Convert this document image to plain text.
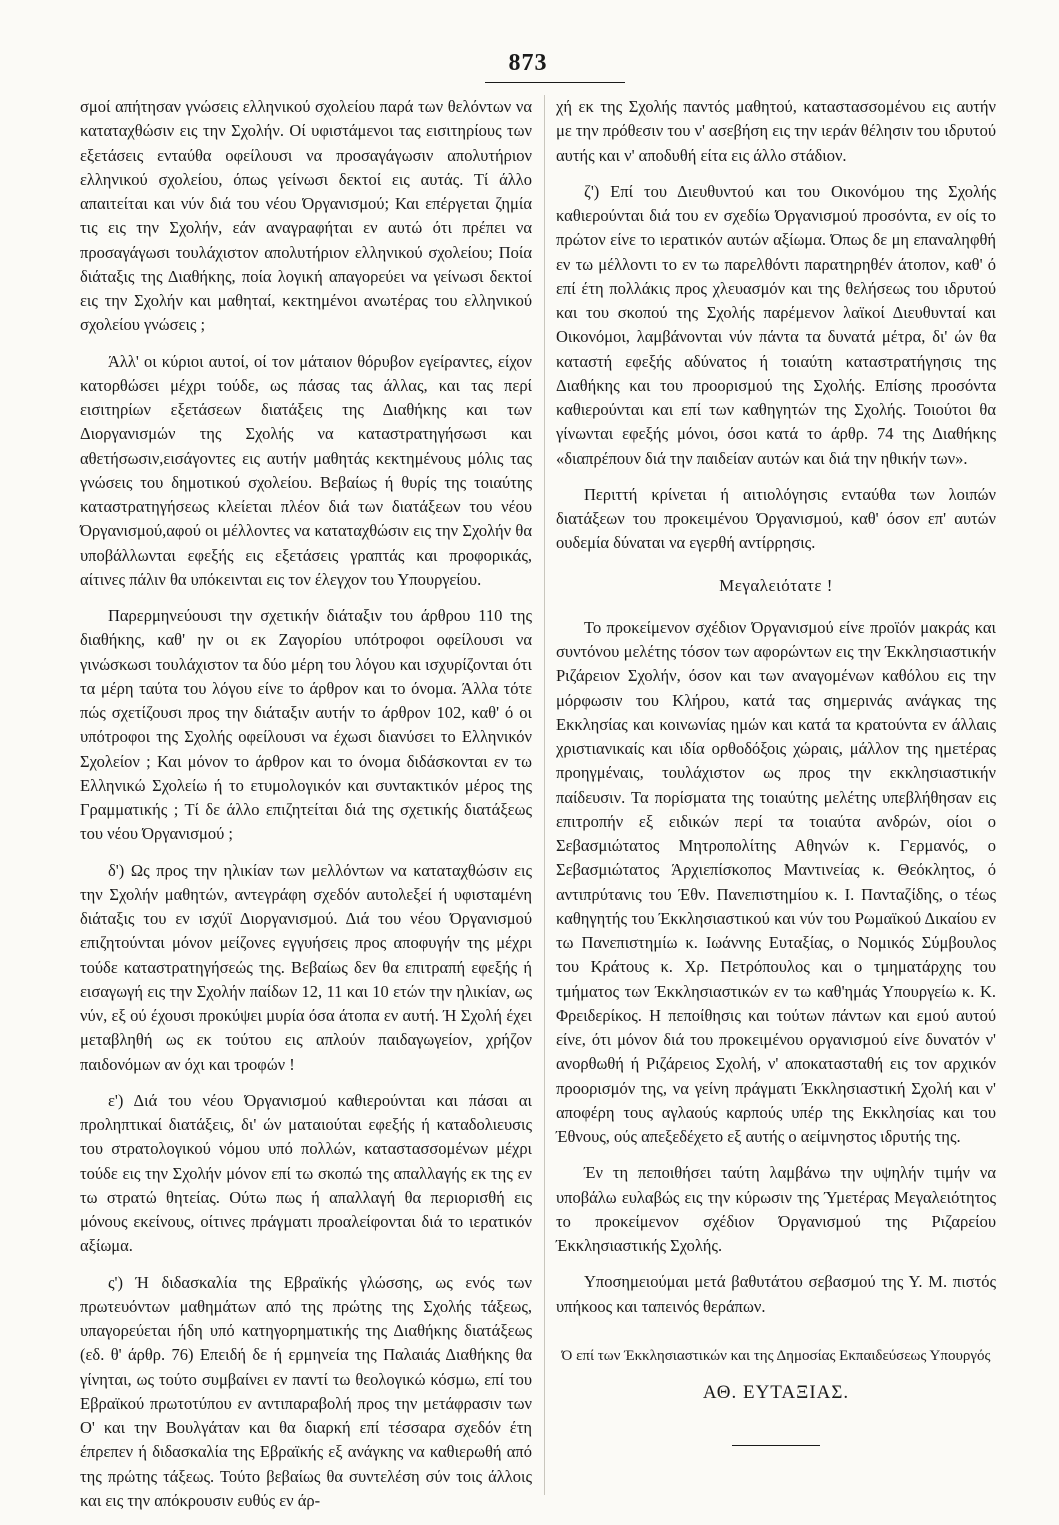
873

σμοί απήτησαν γνώσεις ελληνικού σχολείου παρά των θελόντων να καταταχθώσιν εις την Σχολήν. Οί υφιστάμενοι τας εισιτηρίους των εξετάσεις ενταύθα οφείλουσι να προσαγάγωσιν απολυτήριον ελληνικού σχολείου, όπως γείνωσι δεκτοί εις αυτάς. Τί άλλο απαιτείται και νύν διά του νέου Όργανισμού; Και επέργεται ζημία τις εις την Σχολήν, εάν αναγραφήται εν αυτώ ότι πρέπει να προσαγάγωσι τουλάχιστον απολυτήριον ελληνικού σχολείου; Ποία διάταξις της Διαθήκης, ποία λογική απαγορεύει να γείνωσι δεκτοί εις την Σχολήν και μαθηταί, κεκτημένοι ανωτέρας του ελληνικού σχολείου γνώσεις ;

Άλλ' οι κύριοι αυτοί, οί τον μάταιον θόρυβον εγείραντες, είχον κατορθώσει μέχρι τούδε, ως πάσας τας άλλας, και τας περί εισιτηρίων εξετάσεων διατάξεις της Διαθήκης και των Διοργανισμών της Σχολής να καταστρατηγήσωσι και αθετήσωσιν,εισάγοντες εις αυτήν μαθητάς κεκτημένους μόλις τας γνώσεις του δημοτικού σχολείου. Βεβαίως ή θυρίς της τοιαύτης καταστρατηγήσεως κλείεται πλέον διά των διατάξεων του νέου Όργανισμού,αφού οι μέλλοντες να καταταχθώσιν εις την Σχολήν θα υποβάλλωνται εφεξής εις εξετάσεις γραπτάς και προφορικάς, αίτινες πάλιν θα υπόκεινται εις τον έλεγχον του Υπουργείου.

Παρερμηνεύουσι την σχετικήν διάταξιν του άρθρου 110 της διαθήκης, καθ' ην οι εκ Ζαγορίου υπότροφοι οφείλουσι να γινώσκωσι τουλάχιστον τα δύο μέρη του λόγου και ισχυρίζονται ότι τα μέρη ταύτα του λόγου είνε το άρθρον και το όνομα. Άλλα τότε πώς σχετίζουσι προς την διάταξιν αυτήν το άρθρον 102, καθ' ό οι υπότροφοι της Σχολής οφείλουσι να έχωσι διανύσει το Ελληνικόν Σχολείον ; Και μόνον το άρθρον και το όνομα διδάσκονται εν τω Ελληνικώ Σχολείω ή το ετυμολογικόν και συντακτικόν μέρος της Γραμματικής ; Τί δε άλλο επιζητείται διά της σχετικής διατάξεως του νέου Όργανισμού ;

δ') Ως προς την ηλικίαν των μελλόντων να καταταχθώσιν εις την Σχολήν μαθητών, αντεγράφη σχεδόν αυτολεξεί ή υφισταμένη διάταξις του εν ισχύϊ Διοργανισμού. Διά του νέου Όργανισμού επιζητούνται μόνον μείζονες εγγυήσεις προς αποφυγήν της μέχρι τούδε καταστρατηγήσεώς της. Βεβαίως δεν θα επιτραπή εφεξής ή εισαγωγή εις την Σχολήν παίδων 12, 11 και 10 ετών την ηλικίαν, ως νύν, εξ ού έχουσι προκύψει μυρία όσα άτοπα εν αυτή. Ή Σχολή έχει μεταβληθή ως εκ τούτου εις απλούν παιδαγωγείον, χρήζον παιδονόμων αν όχι και τροφών !

ε') Διά του νέου Όργανισμού καθιερούνται και πάσαι αι προληπτικαί διατάξεις, δι' ών ματαιούται εφεξής ή καταδολιευσις του στρατολογικού νόμου υπό πολλών, καταστασσομένων μέχρι τούδε εις την Σχολήν μόνον επί τω σκοπώ της απαλλαγής εκ της εν τω στρατώ θητείας. Ούτω πως ή απαλλαγή θα περιορισθή εις μόνους εκείνους, οίτινες πράγματι προαλείφονται διά το ιερατικόν αξίωμα.

ς') Ή διδασκαλία της Εβραϊκής γλώσσης, ως ενός των πρωτευόντων μαθημάτων από της πρώτης της Σχολής τάξεως, υπαγορεύεται ήδη υπό κατηγορηματικής της Διαθήκης διατάξεως (εδ. θ' άρθρ. 76) Επειδή δε ή ερμηνεία της Παλαιάς Διαθήκης θα γίνηται, ως τούτο συμβαίνει εν παντί τω θεολογικώ κόσμω, επί του Εβραϊκού πρωτοτύπου εν αντιπαραβολή προς την μετάφρασιν των Ο' και την Βουλγάταν και θα διαρκή επί τέσσαρα σχεδόν έτη έπρεπεν ή διδασκαλία της Εβραϊκής εξ ανάγκης να καθιερωθή από της πρώτης τάξεως. Τούτο βεβαίως θα συντελέση σύν τοις άλλοις και εις την απόκρουσιν ευθύς εν άρ-

χή εκ της Σχολής παντός μαθητού, καταστασσομένου εις αυτήν με την πρόθεσιν του ν' ασεβήση εις την ιεράν θέλησιν του ιδρυτού αυτής και ν' αποδυθή είτα εις άλλο στάδιον.

ζ') Επί του Διευθυντού και του Οικονόμου της Σχολής καθιερούνται διά του εν σχεδίω Όργανισμού προσόντα, εν οίς το πρώτον είνε το ιερατικόν αυτών αξίωμα. Όπως δε μη επαναληφθή εν τω μέλλοντι το εν τω παρελθόντι παρατηρηθέν άτοπον, καθ' ό επί έτη πολλάκις προς χλευασμόν και της θελήσεως του ιδρυτού και του σκοπού της Σχολής παρέμενον λαϊκοί Διευθυνταί και Οικονόμοι, λαμβάνονται νύν πάντα τα δυνατά μέτρα, δι' ών θα καταστή εφεξής αδύνατος ή τοιαύτη καταστρατήγησις της Διαθήκης και του προορισμού της Σχολής. Επίσης προσόντα καθιερούνται και επί των καθηγητών της Σχολής. Τοιούτοι θα γίνωνται εφεξής μόνοι, όσοι κατά το άρθρ. 74 της Διαθήκης «διαπρέπουν διά την παιδείαν αυτών και διά την ηθικήν των».

Περιττή κρίνεται ή αιτιολόγησις ενταύθα των λοιπών διατάξεων του προκειμένου Όργανισμού, καθ' όσον επ' αυτών ουδεμία δύναται να εγερθή αντίρρησις.

Μεγαλειότατε !

Το προκείμενον σχέδιον Όργανισμού είνε προϊόν μακράς και συντόνου μελέτης τόσον των αφορώντων εις την Έκκλησιαστικήν Ριζάρειον Σχολήν, όσον και των αναγομένων καθόλου εις την μόρφωσιν του Κλήρου, κατά τας σημερινάς ανάγκας της Εκκλησίας και κοινωνίας ημών και κατά τα κρατούντα εν άλλαις χριστιανικαίς και ιδία ορθοδόξοις χώραις, μάλλον της ημετέρας προηγμέναις, τουλάχιστον ως προς την εκκλησιαστικήν παίδευσιν. Τα πορίσματα της τοιαύτης μελέτης υπεβλήθησαν εις επιτροπήν εξ ειδικών περί τα τοιαύτα ανδρών, οίοι ο Σεβασμιώτατος Μητροπολίτης Αθηνών κ. Γερμανός, ο Σεβασμιώτατος Άρχιεπίσκοπος Μαντινείας κ. Θεόκλητος, ό αντιπρύτανις του Έθν. Πανεπιστημίου κ. Ι. Πανταζίδης, ο τέως καθηγητής του Έκκλησιαστικού και νύν του Ρωμαϊκού Δικαίου εν τω Πανεπιστημίω κ. Ιωάννης Ευταξίας, ο Νομικός Σύμβουλος του Κράτους κ. Χρ. Πετρόπουλος και ο τμηματάρχης του τμήματος των Έκκλησιαστικών εν τω καθ'ημάς Υπουργείω κ. Κ. Φρειδερίκος. Η πεποίθησις και τούτων πάντων και εμού αυτού είνε, ότι μόνον διά του προκειμένου οργανισμού είνε δυνατόν ν' ανορθωθή ή Ριζάρειος Σχολή, ν' αποκατασταθή εις τον αρχικόν προορισμόν της, να γείνη πράγματι Έκκλησιαστική Σχολή και ν' αποφέρη τους αγλαούς καρπούς υπέρ της Εκκλησίας και του Έθνους, ούς απεξεδέχετο εξ αυτής ο αείμνηστος ιδρυτής της.

Έν τη πεποιθήσει ταύτη λαμβάνω την υψηλήν τιμήν να υποβάλω ευλαβώς εις την κύρωσιν της Ύμετέρας Μεγαλειότητος το προκείμενον σχέδιον Όργανισμού της Ριζαρείου Έκκλησιαστικής Σχολής.

Υποσημειούμαι μετά βαθυτάτου σεβασμού της Υ. Μ. πιστός υπήκοος και ταπεινός θεράπων.

Ό επί των Έκκλησιαστικών και της Δημοσίας Εκπαιδεύσεως Υπουργός

ΑΘ. ΕΥΤΑΞΙΑΣ.
